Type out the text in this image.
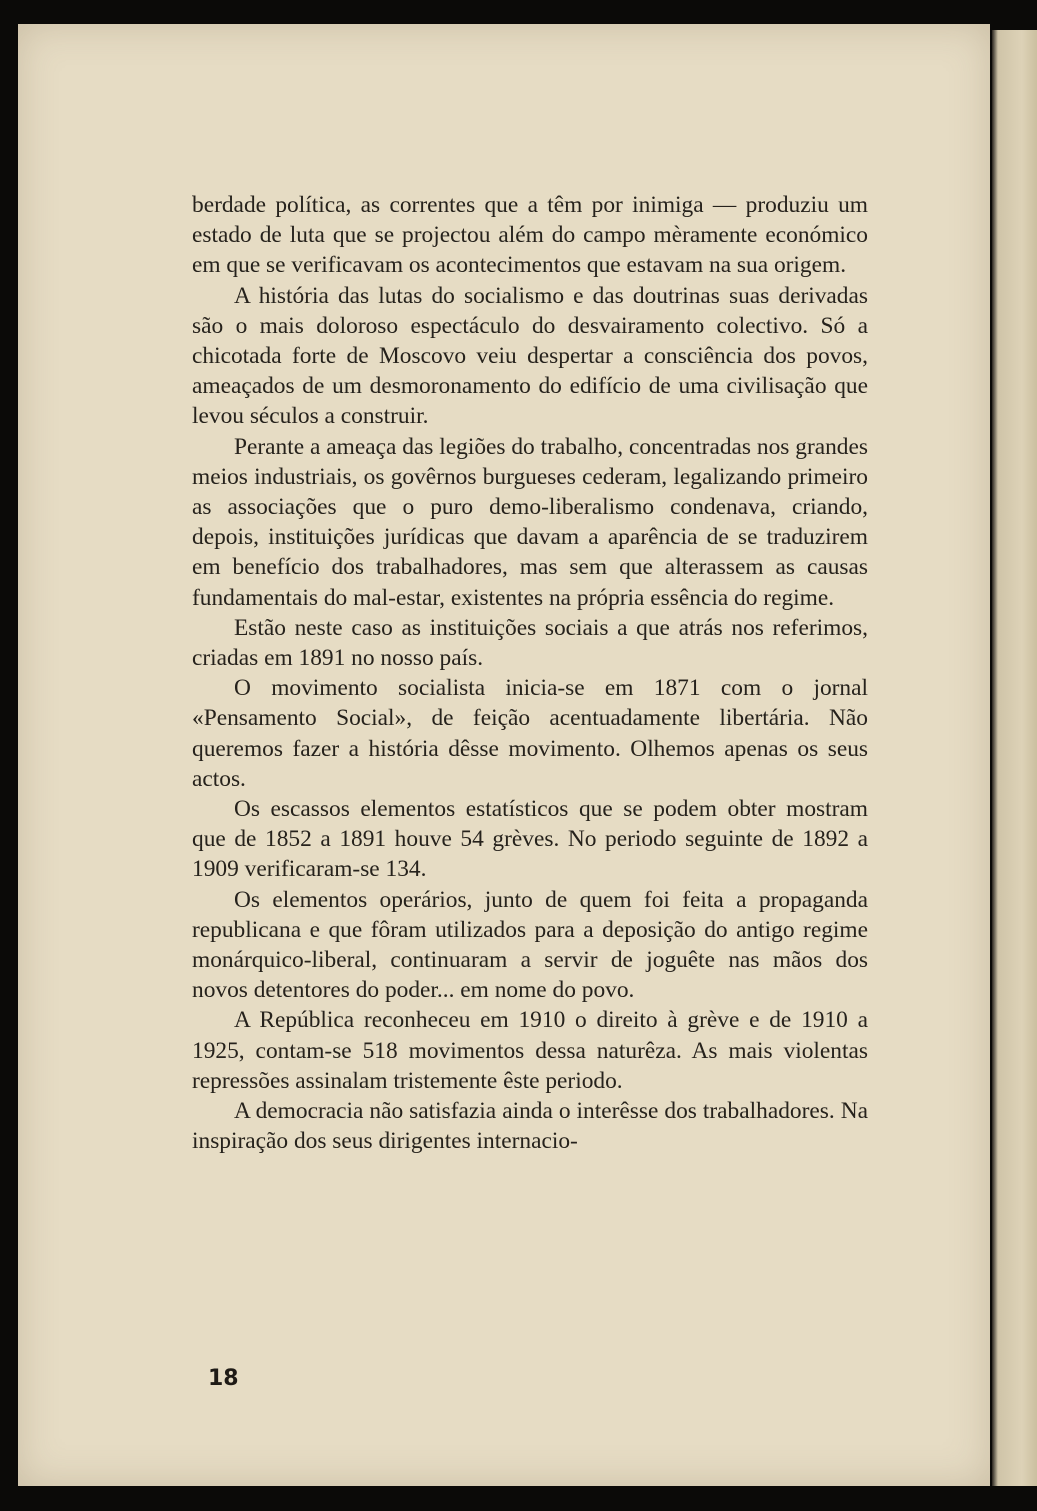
berdade política, as correntes que a têm por inimiga — produziu um estado de luta que se projectou além do campo mèramente económico em que se verificavam os acontecimentos que estavam na sua origem.

A história das lutas do socialismo e das doutrinas suas derivadas são o mais doloroso espectáculo do desvairamento colectivo. Só a chicotada forte de Moscovo veiu despertar a consciência dos povos, ameaçados de um desmoronamento do edifício de uma civilisação que levou séculos a construir.

Perante a ameaça das legiões do trabalho, concentradas nos grandes meios industriais, os govêrnos burgueses cederam, legalizando primeiro as associações que o puro demo-liberalismo condenava, criando, depois, instituições jurídicas que davam a aparência de se traduzirem em benefício dos trabalhadores, mas sem que alterassem as causas fundamentais do mal-estar, existentes na própria essência do regime.

Estão neste caso as instituições sociais a que atrás nos referimos, criadas em 1891 no nosso país.

O movimento socialista inicia-se em 1871 com o jornal «Pensamento Social», de feição acentuadamente libertária. Não queremos fazer a história dêsse movimento. Olhemos apenas os seus actos.

Os escassos elementos estatísticos que se podem obter mostram que de 1852 a 1891 houve 54 grèves. No periodo seguinte de 1892 a 1909 verificaram-se 134.

Os elementos operários, junto de quem foi feita a propaganda republicana e que fôram utilizados para a deposição do antigo regime monárquico-liberal, continuaram a servir de joguête nas mãos dos novos detentores do poder... em nome do povo.

A República reconheceu em 1910 o direito à grève e de 1910 a 1925, contam-se 518 movimentos dessa naturêza. As mais violentas repressões assinalam tristemente êste periodo.

A democracia não satisfazia ainda o interêsse dos trabalhadores. Na inspiração dos seus dirigentes internacio-

18
